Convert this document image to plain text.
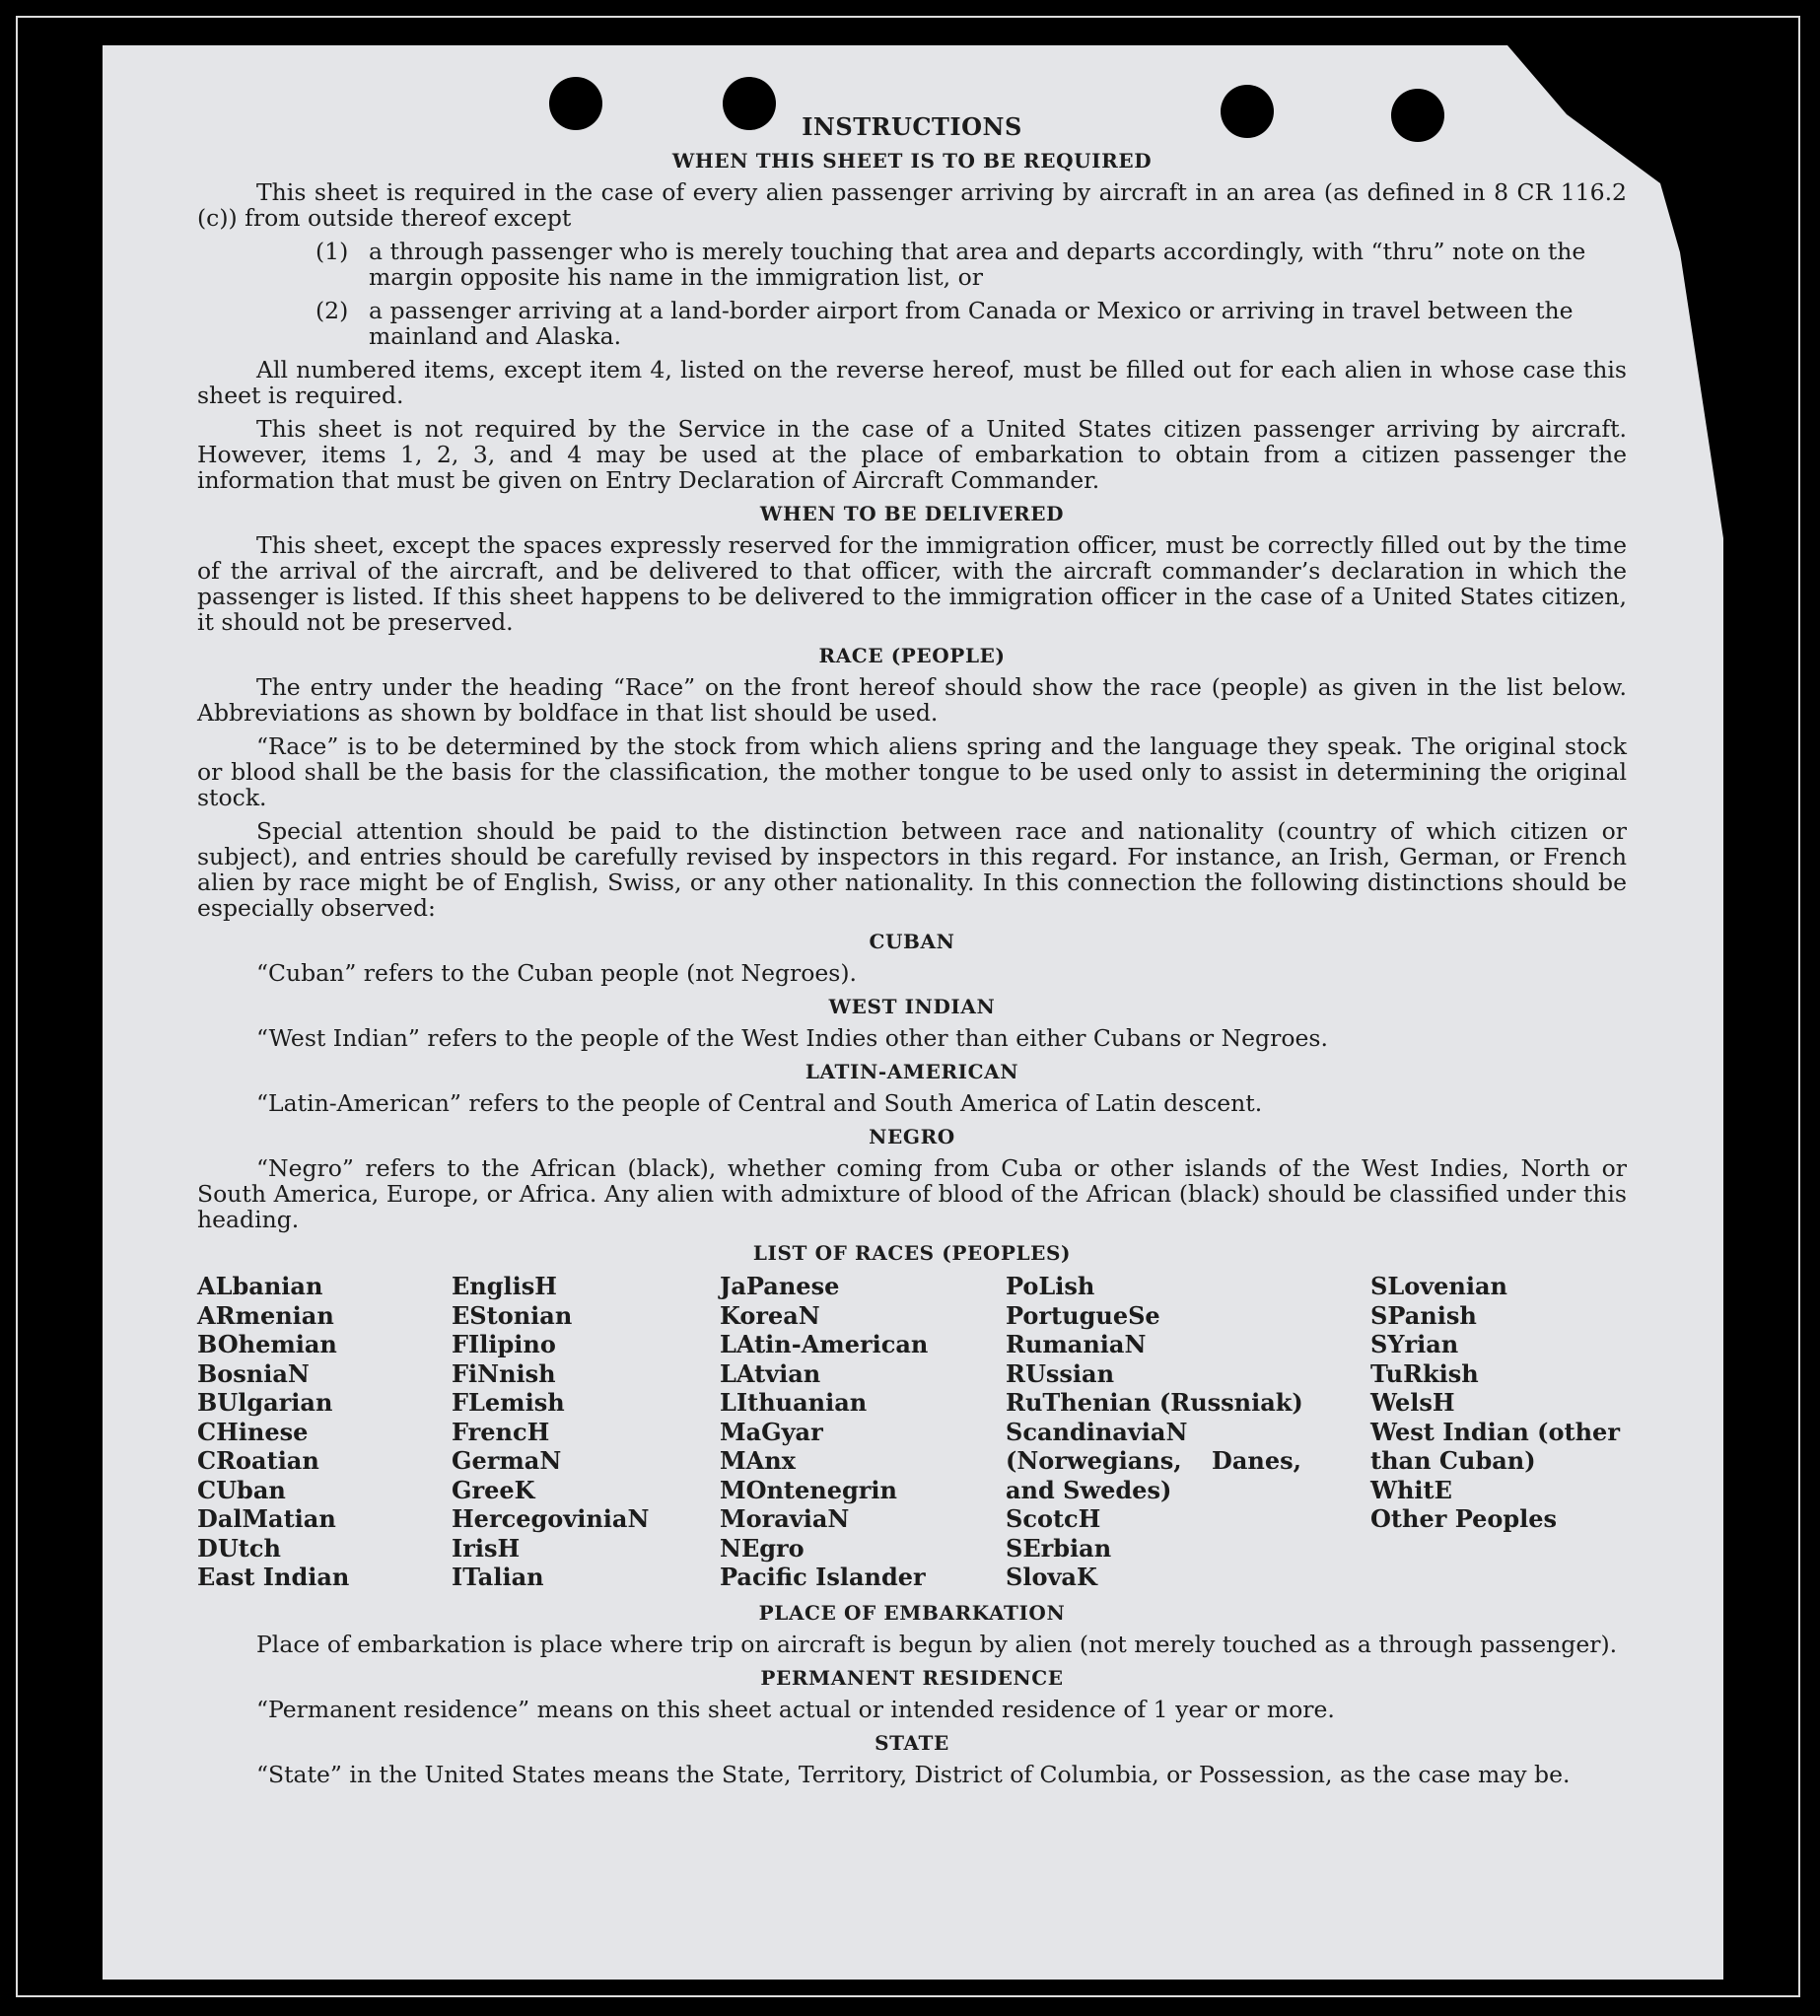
INSTRUCTIONS
WHEN THIS SHEET IS TO BE REQUIRED

This sheet is required in the case of every alien passenger arriving by aircraft in an area (as defined in 8 CR 116.2 (c)) from outside thereof except

(1) a through passenger who is merely touching that area and departs accordingly, with “thru” note on the margin opposite his name in the immigration list, or
(2) a passenger arriving at a land-border airport from Canada or Mexico or arriving in travel between the mainland and Alaska.

All numbered items, except item 4, listed on the reverse hereof, must be filled out for each alien in whose case this sheet is required.

This sheet is not required by the Service in the case of a United States citizen passenger arriving by aircraft. However, items 1, 2, 3, and 4 may be used at the place of embarkation to obtain from a citizen passenger the information that must be given on Entry Declaration of Aircraft Commander.

WHEN TO BE DELIVERED

This sheet, except the spaces expressly reserved for the immigration officer, must be correctly filled out by the time of the arrival of the aircraft, and be delivered to that officer, with the aircraft commander’s declaration in which the passenger is listed. If this sheet happens to be delivered to the immigration officer in the case of a United States citizen, it should not be preserved.

RACE (PEOPLE)

The entry under the heading “Race” on the front hereof should show the race (people) as given in the list below. Abbreviations as shown by boldface in that list should be used.

“Race” is to be determined by the stock from which aliens spring and the language they speak. The original stock or blood shall be the basis for the classification, the mother tongue to be used only to assist in determining the original stock.

Special attention should be paid to the distinction between race and nationality (country of which citizen or subject), and entries should be carefully revised by inspectors in this regard. For instance, an Irish, German, or French alien by race might be of English, Swiss, or any other nationality. In this connection the following distinctions should be especially observed:

CUBAN

“Cuban” refers to the Cuban people (not Negroes).

WEST INDIAN

“West Indian” refers to the people of the West Indies other than either Cubans or Negroes.

LATIN-AMERICAN

“Latin-American” refers to the people of Central and South America of Latin descent.

NEGRO

“Negro” refers to the African (black), whether coming from Cuba or other islands of the West Indies, North or South America, Europe, or Africa. Any alien with admixture of blood of the African (black) should be classified under this heading.

LIST OF RACES (PEOPLES)
ALbanian
ARmenian
BOhemian
BosniaN
BUlgarian
CHinese
CRoatian
CUban
DalMatian
DUtch
East Indian
EnglisH
EStonian
FIlipino
FiNnish
FLemish
FrencH
GermaN
GreeK
HercegoviniaN
IrisH
ITalian
JaPanese
KoreaN
LAtin-American
LAtvian
LIthuanian
MaGyar
MAnx
MOntenegrin
MoraviaN
NEgro
Pacific Islander
PoLish
PortugueSe
RumaniaN
RUssian
RuThenian (Russniak)
ScandinaviaN (Norwegians, Danes, and Swedes)
ScotcH
SErbian
SlovaK
SLovenian
SPanish
SYrian
TuRkish
WelsH
West Indian (other than Cuban)
WhitE
Other Peoples
PLACE OF EMBARKATION

Place of embarkation is place where trip on aircraft is begun by alien (not merely touched as a through passenger).

PERMANENT RESIDENCE

“Permanent residence” means on this sheet actual or intended residence of 1 year or more.

STATE

“State” in the United States means the State, Territory, District of Columbia, or Possession, as the case may be.
